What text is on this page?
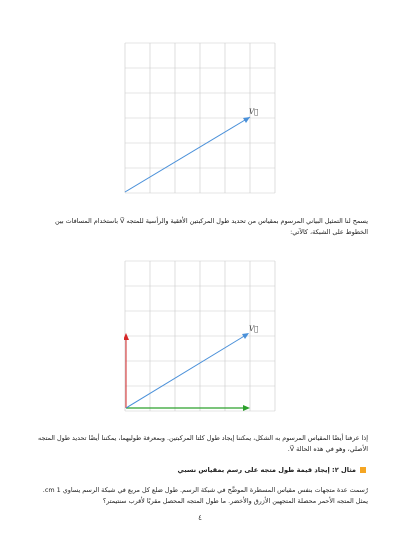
V⃗
يسمح لنا التمثيل البياني المرسوم بمقياس من تحديد طول المركبتين الأفقية والرأسية للمتجه V⃗ باستخدام المسافات بين الخطوط على الشبكة، كالآتي:
V⃗
إذا عرفنا أيضًا المقياس المرسوم به الشكل، يمكننا إيجاد طول كلتا المركبتين. وبمعرفة طوليهما، يمكننا أيضًا تحديد طول المتجه الأصلي، وهو في هذه الحالة V⃗.
مثال ٢: إيجاد قيمة طول متجه على رسم بمقياس نسبي
رُسمت عدة متجهات بنفس مقياس المسطرة الموضَّح في شبكة الرسم. طول ضلع كل مربع في شبكة الرسم يساوي 1 cm. يمثل المتجه الأحمر محصلة المتجهين الأزرق والأخضر. ما طول المتجه المحصل مقربًا لأقرب سنتيمتر؟
٤
